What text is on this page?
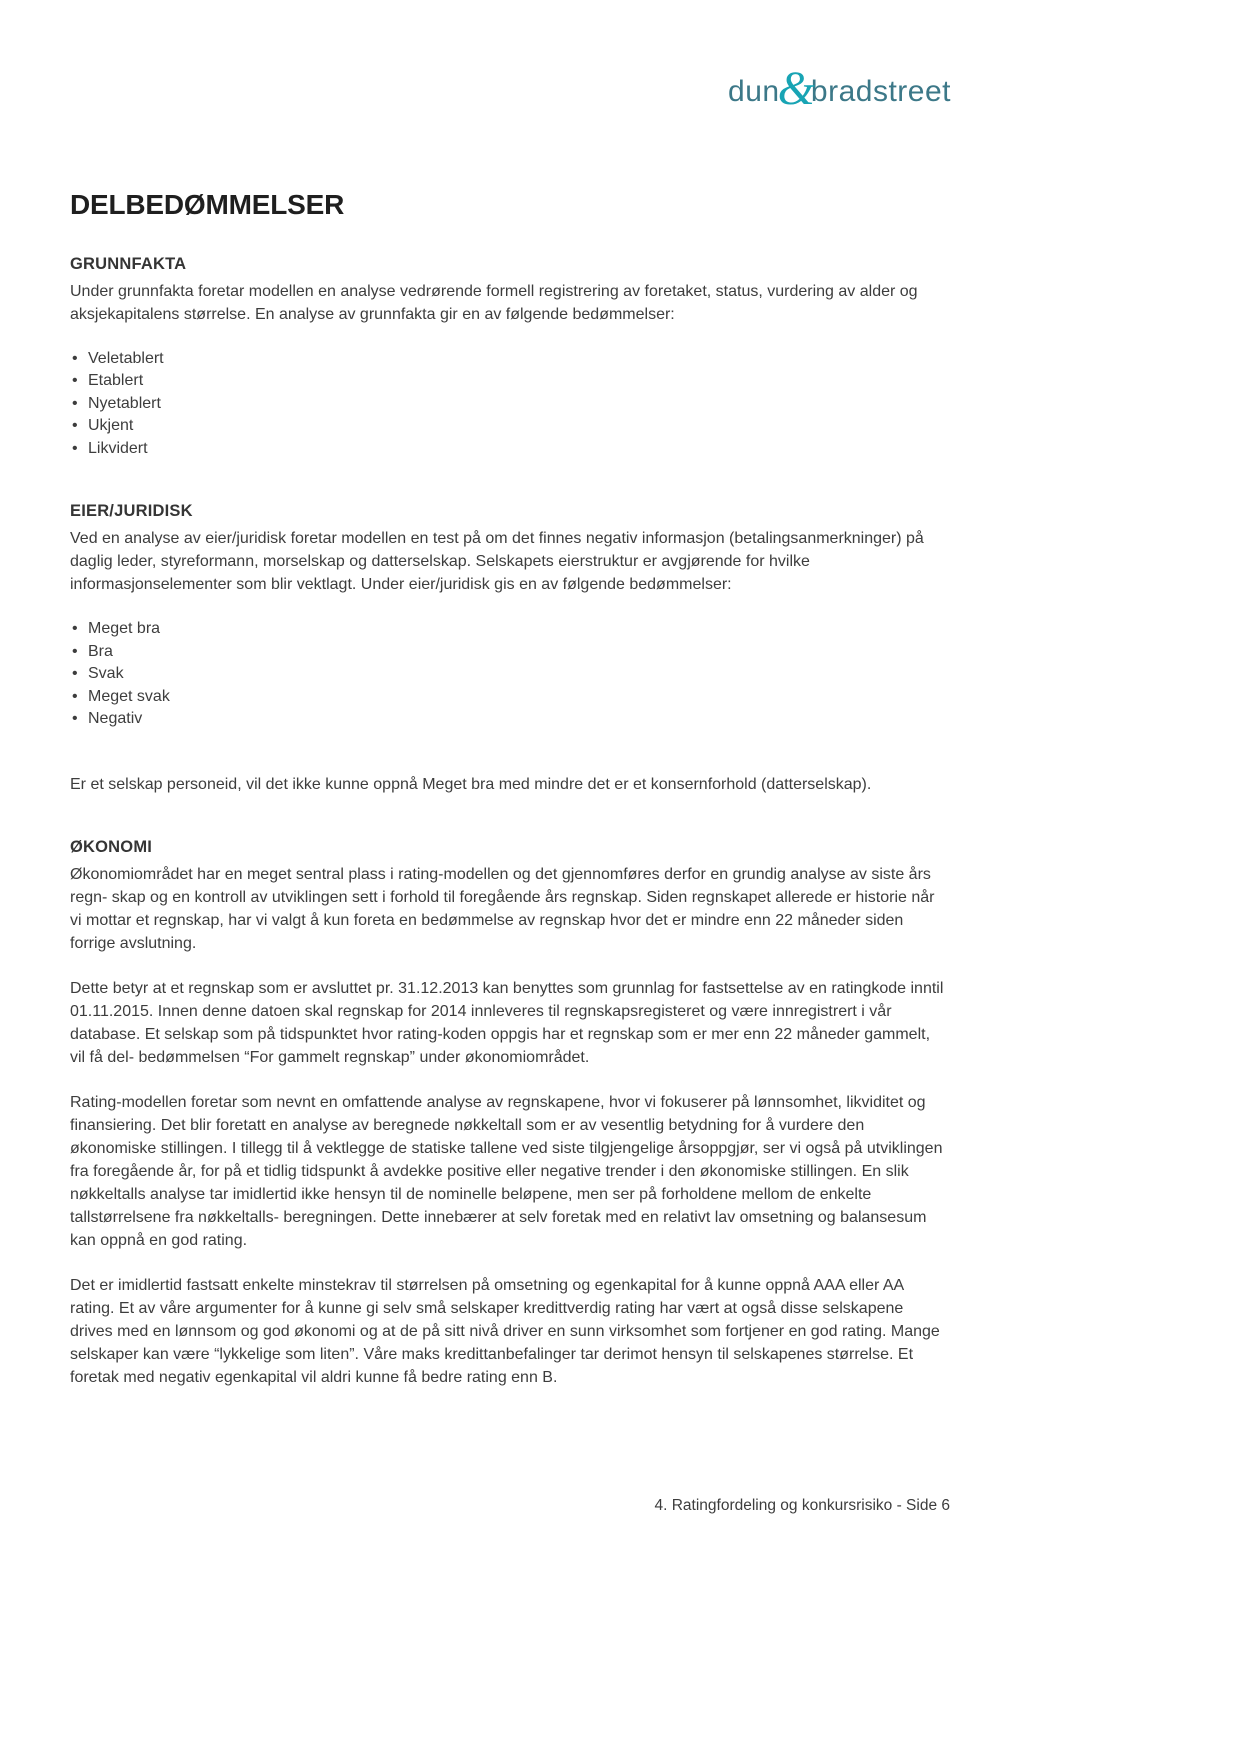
dun
&
bradstreet
DELBEDØMMELSER
GRUNNFAKTA

Under grunnfakta foretar modellen en analyse vedrørende formell registrering av foretaket, status, vurdering av alder og aksjekapitalens størrelse. En analyse av grunnfakta gir en av følgende bedømmelser:

• Veletablert
• Etablert
• Nyetablert
• Ukjent
• Likvidert
EIER/JURIDISK

Ved en analyse av eier/juridisk foretar modellen en test på om det finnes negativ informasjon (betalingsanmerkninger) på daglig leder, styreformann, morselskap og datterselskap. Selskapets eierstruktur er avgjørende for hvilke informasjonselementer som blir vektlagt. Under eier/juridisk gis en av følgende bedømmelser:

• Meget bra
• Bra
• Svak
• Meget svak
• Negativ

Er et selskap personeid, vil det ikke kunne oppnå Meget bra med mindre det er et konsernforhold (datterselskap).

ØKONOMI

Økonomiområdet har en meget sentral plass i rating-modellen og det gjennomføres derfor en grundig analyse av siste års regn- skap og en kontroll av utviklingen sett i forhold til foregående års regnskap. Siden regnskapet allerede er historie når vi mottar et regnskap, har vi valgt å kun foreta en bedømmelse av regnskap hvor det er mindre enn 22 måneder siden forrige avslutning.

Dette betyr at et regnskap som er avsluttet pr. 31.12.2013 kan benyttes som grunnlag for fastsettelse av en ratingkode inntil 01.11.2015. Innen denne datoen skal regnskap for 2014 innleveres til regnskapsregisteret og være innregistrert i vår database. Et selskap som på tidspunktet hvor rating-koden oppgis har et regnskap som er mer enn 22 måneder gammelt, vil få del- bedømmelsen “For gammelt regnskap” under økonomiområdet.

Rating-modellen foretar som nevnt en omfattende analyse av regnskapene, hvor vi fokuserer på lønnsomhet, likviditet og finansiering. Det blir foretatt en analyse av beregnede nøkkeltall som er av vesentlig betydning for å vurdere den økonomiske stillingen. I tillegg til å vektlegge de statiske tallene ved siste tilgjengelige årsoppgjør, ser vi også på utviklingen fra foregående år, for på et tidlig tidspunkt å avdekke positive eller negative trender i den økonomiske stillingen. En slik nøkkeltalls analyse tar imidlertid ikke hensyn til de nominelle beløpene, men ser på forholdene mellom de enkelte tallstørrelsene fra nøkkeltalls- beregningen. Dette innebærer at selv foretak med en relativt lav omsetning og balansesum kan oppnå en god rating.

Det er imidlertid fastsatt enkelte minstekrav til størrelsen på omsetning og egenkapital for å kunne oppnå AAA eller AA rating. Et av våre argumenter for å kunne gi selv små selskaper kredittverdig rating har vært at også disse selskapene drives med en lønnsom og god økonomi og at de på sitt nivå driver en sunn virksomhet som fortjener en god rating. Mange selskaper kan være “lykkelige som liten”. Våre maks kredittanbefalinger tar derimot hensyn til selskapenes størrelse. Et foretak med negativ egenkapital vil aldri kunne få bedre rating enn B.

4. Ratingfordeling og konkursrisiko - Side 6
